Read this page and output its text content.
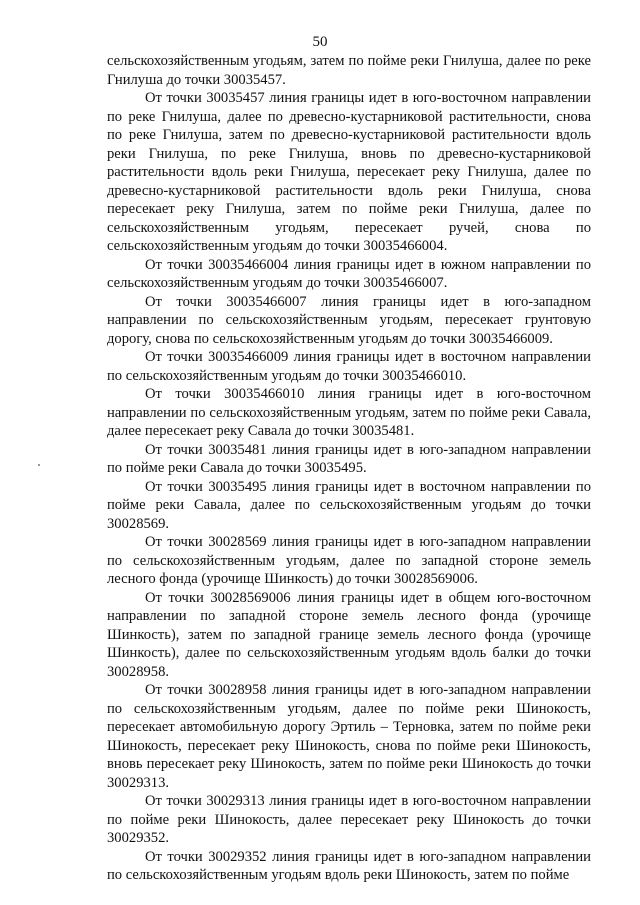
50

сельскохозяйственным угодьям, затем по пойме реки Гнилуша, далее по реке Гнилуша до точки 30035457.

От точки 30035457 линия границы идет в юго-восточном направлении по реке Гнилуша, далее по древесно-кустарниковой растительности, снова по реке Гнилуша, затем по древесно-кустарниковой растительности вдоль реки Гнилуша, по реке Гнилуша, вновь по древесно-кустарниковой растительности вдоль реки Гнилуша, пересекает реку Гнилуша, далее по древесно-кустарниковой растительности вдоль реки Гнилуша, снова пересекает реку Гнилуша, затем по пойме реки Гнилуша, далее по сельскохозяйственным угодьям, пересекает ручей, снова по сельскохозяйственным угодьям до точки 30035466004.

От точки 30035466004 линия границы идет в южном направлении по сельскохозяйственным угодьям до точки 30035466007.

От точки 30035466007 линия границы идет в юго-западном направлении по сельскохозяйственным угодьям, пересекает грунтовую дорогу, снова по сельскохозяйственным угодьям до точки 30035466009.

От точки 30035466009 линия границы идет в восточном направлении по сельскохозяйственным угодьям до точки 30035466010.

От точки 30035466010 линия границы идет в юго-восточном направлении по сельскохозяйственным угодьям, затем по пойме реки Савала, далее пересекает реку Савала до точки 30035481.

От точки 30035481 линия границы идет в юго-западном направлении по пойме реки Савала до точки 30035495.

От точки 30035495 линия границы идет в восточном направлении по пойме реки Савала, далее по сельскохозяйственным угодьям до точки 30028569.

От точки 30028569 линия границы идет в юго-западном направлении по сельскохозяйственным угодьям, далее по западной стороне земель лесного фонда (урочище Шинкость) до точки 30028569006.

От точки 30028569006 линия границы идет в общем юго-восточном направлении по западной стороне земель лесного фонда (урочище Шинкость), затем по западной границе земель лесного фонда (урочище Шинкость), далее по сельскохозяйственным угодьям вдоль балки до точки 30028958.

От точки 30028958 линия границы идет в юго-западном направлении по сельскохозяйственным угодьям, далее по пойме реки Шинокость, пересекает автомобильную дорогу Эртиль – Терновка, затем по пойме реки Шинокость, пересекает реку Шинокость, снова по пойме реки Шинокость, вновь пересекает реку Шинокость, затем по пойме реки Шинокость до точки 30029313.

От точки 30029313 линия границы идет в юго-восточном направлении по пойме реки Шинокость, далее пересекает реку Шинокость до точки 30029352.

От точки 30029352 линия границы идет в юго-западном направлении по сельскохозяйственным угодьям вдоль реки Шинокость, затем по пойме
